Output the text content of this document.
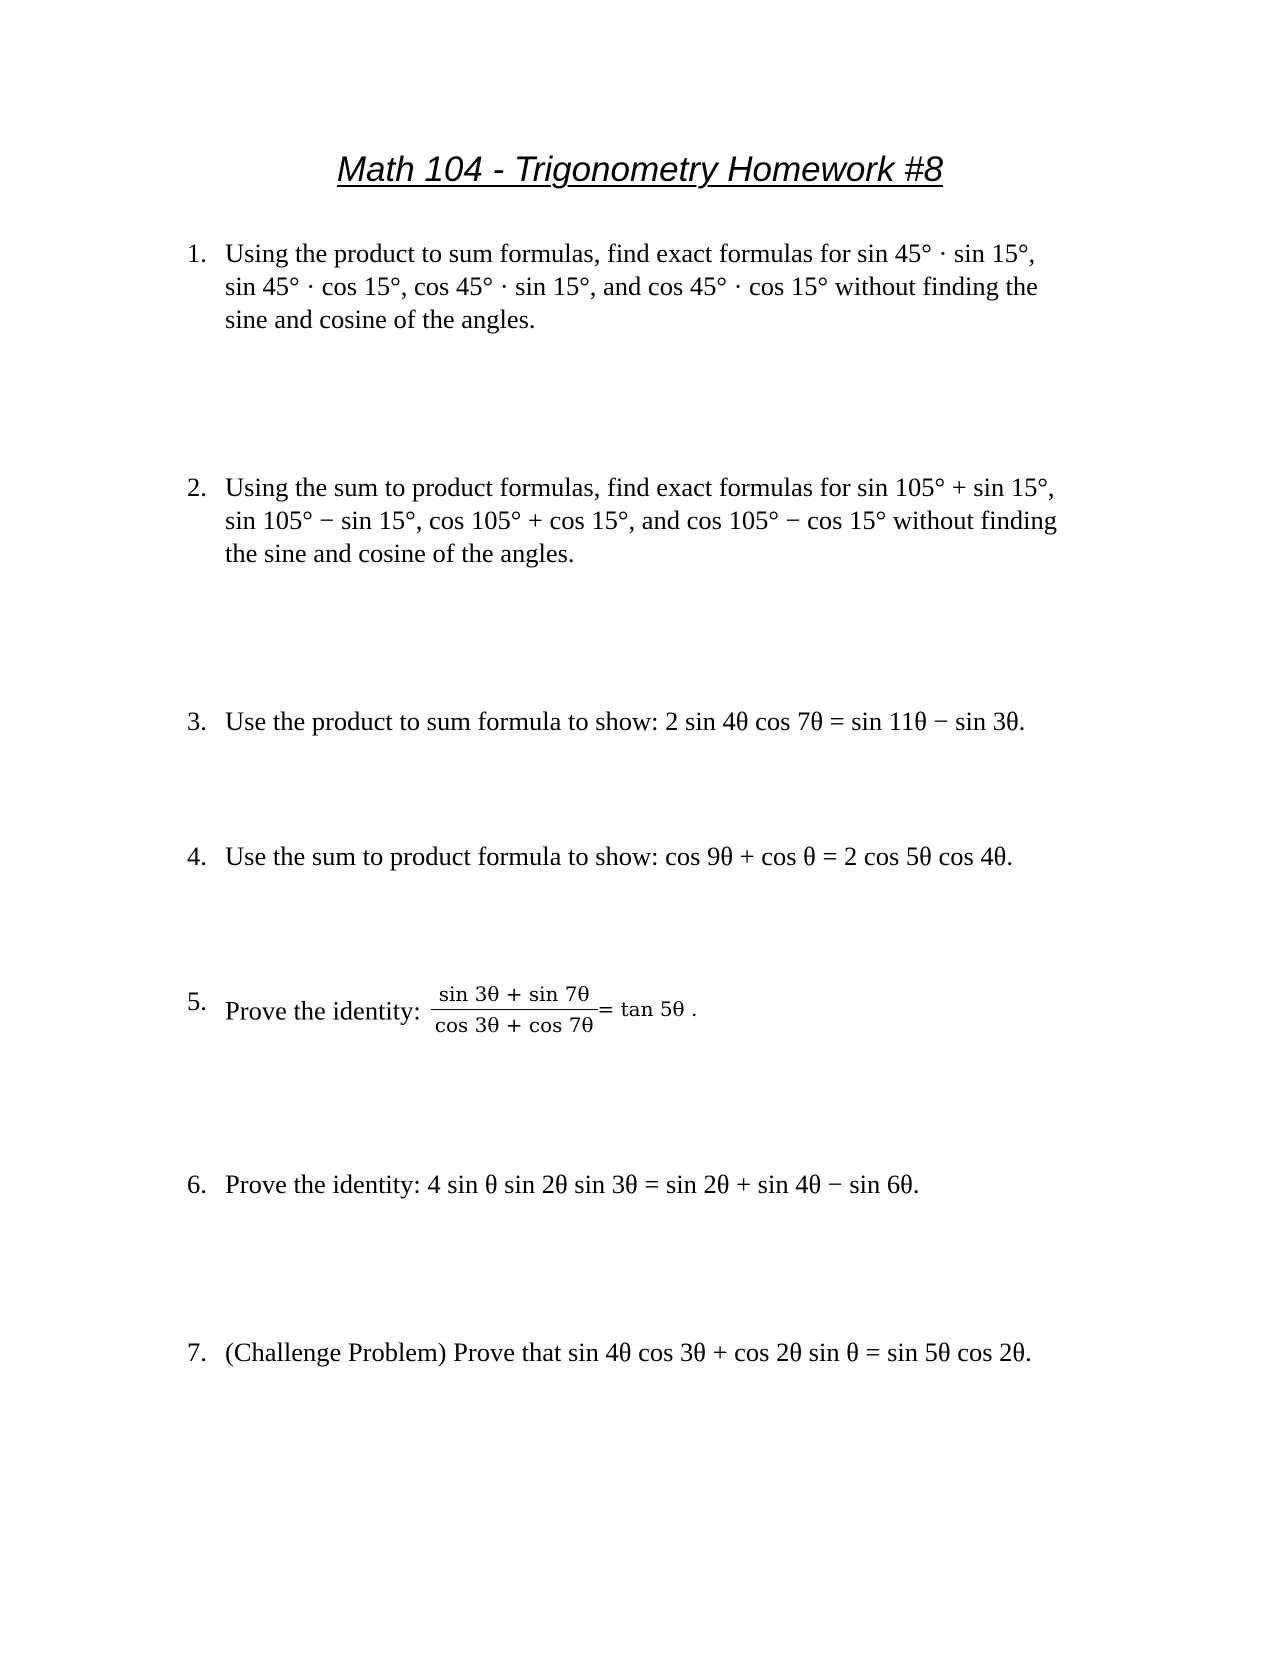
Math 104 - Trigonometry Homework #8
1. Using the product to sum formulas, find exact formulas for sin 45° · sin 15°,
sin 45° · cos 15°, cos 45° · sin 15°, and cos 45° · cos 15° without finding the
sine and cosine of the angles.
2. Using the sum to product formulas, find exact formulas for sin 105° + sin 15°,
sin 105° − sin 15°, cos 105° + cos 15°, and cos 105° − cos 15° without finding
the sine and cosine of the angles.
3. Use the product to sum formula to show: 2 sin 4θ cos 7θ = sin 11θ − sin 3θ.
4. Use the sum to product formula to show: cos 9θ + cos θ = 2 cos 5θ cos 4θ.
5. Prove the identity: $\frac{\sin 3\theta + \sin 7\theta}{\cos 3\theta + \cos 7\theta} = \tan 5\theta$ .
6. Prove the identity: 4 sin θ sin 2θ sin 3θ = sin 2θ + sin 4θ − sin 6θ.
7. (Challenge Problem) Prove that sin 4θ cos 3θ + cos 2θ sin θ = sin 5θ cos 2θ.
